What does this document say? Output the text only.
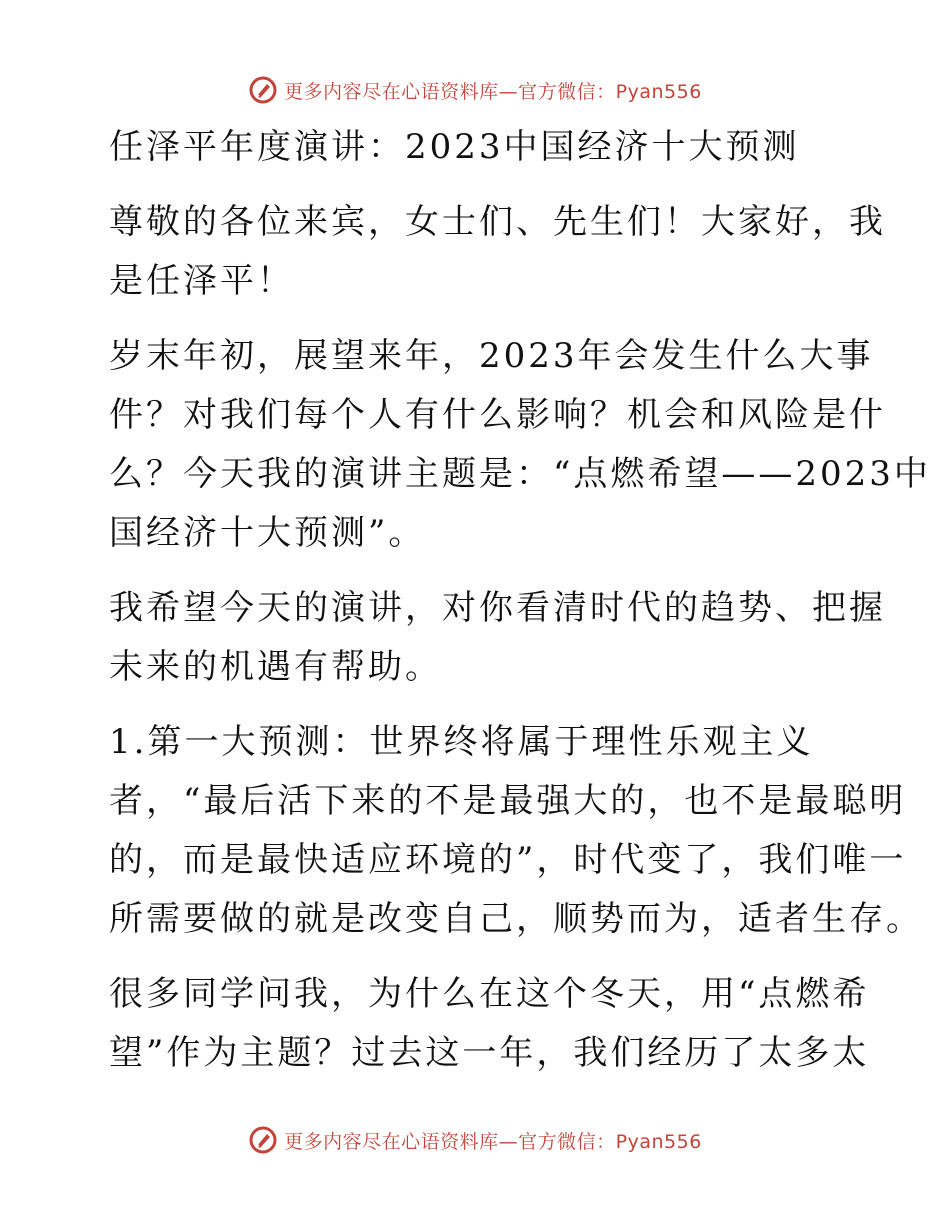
更多内容尽在心语资料库—官方微信：Pyan556

任泽平年度演讲：2023中国经济十大预测

尊敬的各位来宾，女士们、先生们！大家好，我
是任泽平！

岁末年初，展望来年，2023年会发生什么大事
件？对我们每个人有什么影响？机会和风险是什
么？今天我的演讲主题是：“点燃希望——2023中
国经济十大预测”。

我希望今天的演讲，对你看清时代的趋势、把握
未来的机遇有帮助。

1.第一大预测：世界终将属于理性乐观主义
者，“最后活下来的不是最强大的，也不是最聪明
的，而是最快适应环境的”，时代变了，我们唯一
所需要做的就是改变自己，顺势而为，适者生存。

很多同学问我，为什么在这个冬天，用“点燃希
望”作为主题？过去这一年，我们经历了太多太

更多内容尽在心语资料库—官方微信：Pyan556
